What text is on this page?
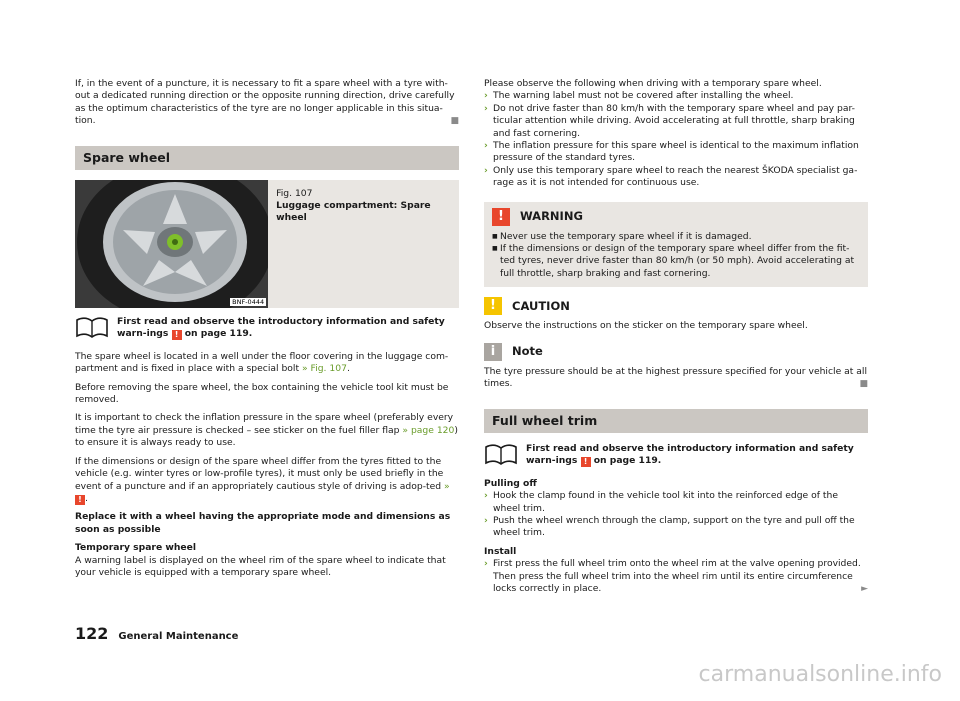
If, in the event of a puncture, it is necessary to fit a spare wheel with a tyre with-out a dedicated running direction or the opposite running direction, drive carefully as the optimum characteristics of the tyre are no longer applicable in this situa-tion.	■

Spare wheel
BNF-0444
Fig. 107
Luggage compartment: Spare wheel
First read and observe the introductory information and safety warn-ings ! on page 119.

The spare wheel is located in a well under the floor covering in the luggage com-partment and is fixed in place with a special bolt » Fig. 107.

Before removing the spare wheel, the box containing the vehicle tool kit must be removed.

It is important to check the inflation pressure in the spare wheel (preferably every time the tyre air pressure is checked – see sticker on the fuel filler flap » page 120) to ensure it is always ready to use.

If the dimensions or design of the spare wheel differ from the tyres fitted to the vehicle (e.g. winter tyres or low-profile tyres), it must only be used briefly in the event of a puncture and if an appropriately cautious style of driving is adop-ted » ! .

Replace it with a wheel having the appropriate mode and dimensions as soon as possible

Temporary spare wheel
A warning label is displayed on the wheel rim of the spare wheel to indicate that your vehicle is equipped with a temporary spare wheel.

Please observe the following when driving with a temporary spare wheel.
› The warning label must not be covered after installing the wheel.
› Do not drive faster than 80 km/h with the temporary spare wheel and pay par-ticular attention while driving. Avoid accelerating at full throttle, sharp braking and fast cornering.
› The inflation pressure for this spare wheel is identical to the maximum inflation pressure of the standard tyres.
› Only use this temporary spare wheel to reach the nearest ŠKODA specialist ga-rage as it is not intended for continuous use.
!	WARNING
■ Never use the temporary spare wheel if it is damaged.
■ If the dimensions or design of the temporary spare wheel differ from the fit-ted tyres, never drive faster than 80 km/h (or 50 mph). Avoid accelerating at full throttle, sharp braking and fast cornering.
!	CAUTION

Observe the instructions on the sticker on the temporary spare wheel.

i	Note

The tyre pressure should be at the highest pressure specified for your vehicle at all times.	■

Full wheel trim
First read and observe the introductory information and safety warn-ings ! on page 119.
Pulling off
› Hook the clamp found in the vehicle tool kit into the reinforced edge of the wheel trim.
› Push the wheel wrench through the clamp, support on the tyre and pull off the wheel trim.
Install
› First press the full wheel trim onto the wheel rim at the valve opening provided. Then press the full wheel trim into the wheel rim until its entire circumference locks correctly in place.	►
122 General Maintenance
carmanualsonline.info
